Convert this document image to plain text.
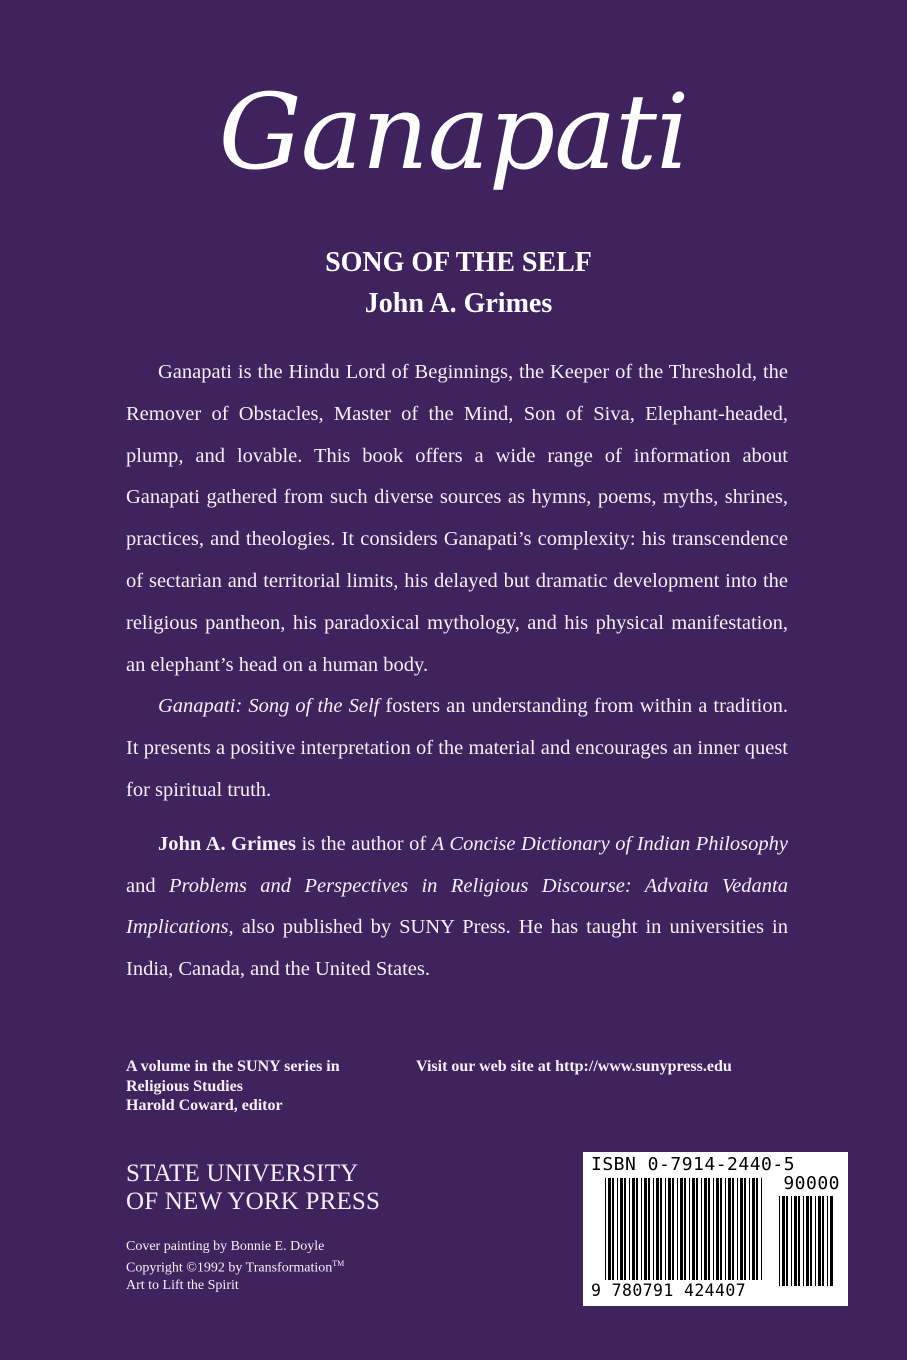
Ganapati
SONG OF THE SELF
John A. Grimes

Ganapati is the Hindu Lord of Beginnings, the Keeper of the Threshold, the Remover of Obstacles, Master of the Mind, Son of Siva, Elephant-headed, plump, and lovable. This book offers a wide range of information about Ganapati gathered from such diverse sources as hymns, poems, myths, shrines, practices, and theologies. It considers Ganapati’s complexity: his transcendence of sectarian and territorial limits, his delayed but dramatic development into the religious pantheon, his paradoxical mythology, and his physical manifestation, an elephant’s head on a human body.

Ganapati: Song of the Self fosters an understanding from within a tradition. It presents a positive interpretation of the material and encourages an inner quest for spiritual truth.

John A. Grimes is the author of A Concise Dictionary of Indian Philosophy and Problems and Perspectives in Religious Discourse: Advaita Vedanta Implications, also published by SUNY Press. He has taught in universities in India, Canada, and the United States.

A volume in the SUNY series in
Religious Studies
Harold Coward, editor
Visit our web site at http://www.sunypress.edu
STATE UNIVERSITY
OF NEW YORK PRESS
Cover painting by Bonnie E. Doyle
Copyright ©1992 by Transformation™
Art to Lift the Spirit
ISBN 0-7914-2440-5
90000
9 780791 424407
